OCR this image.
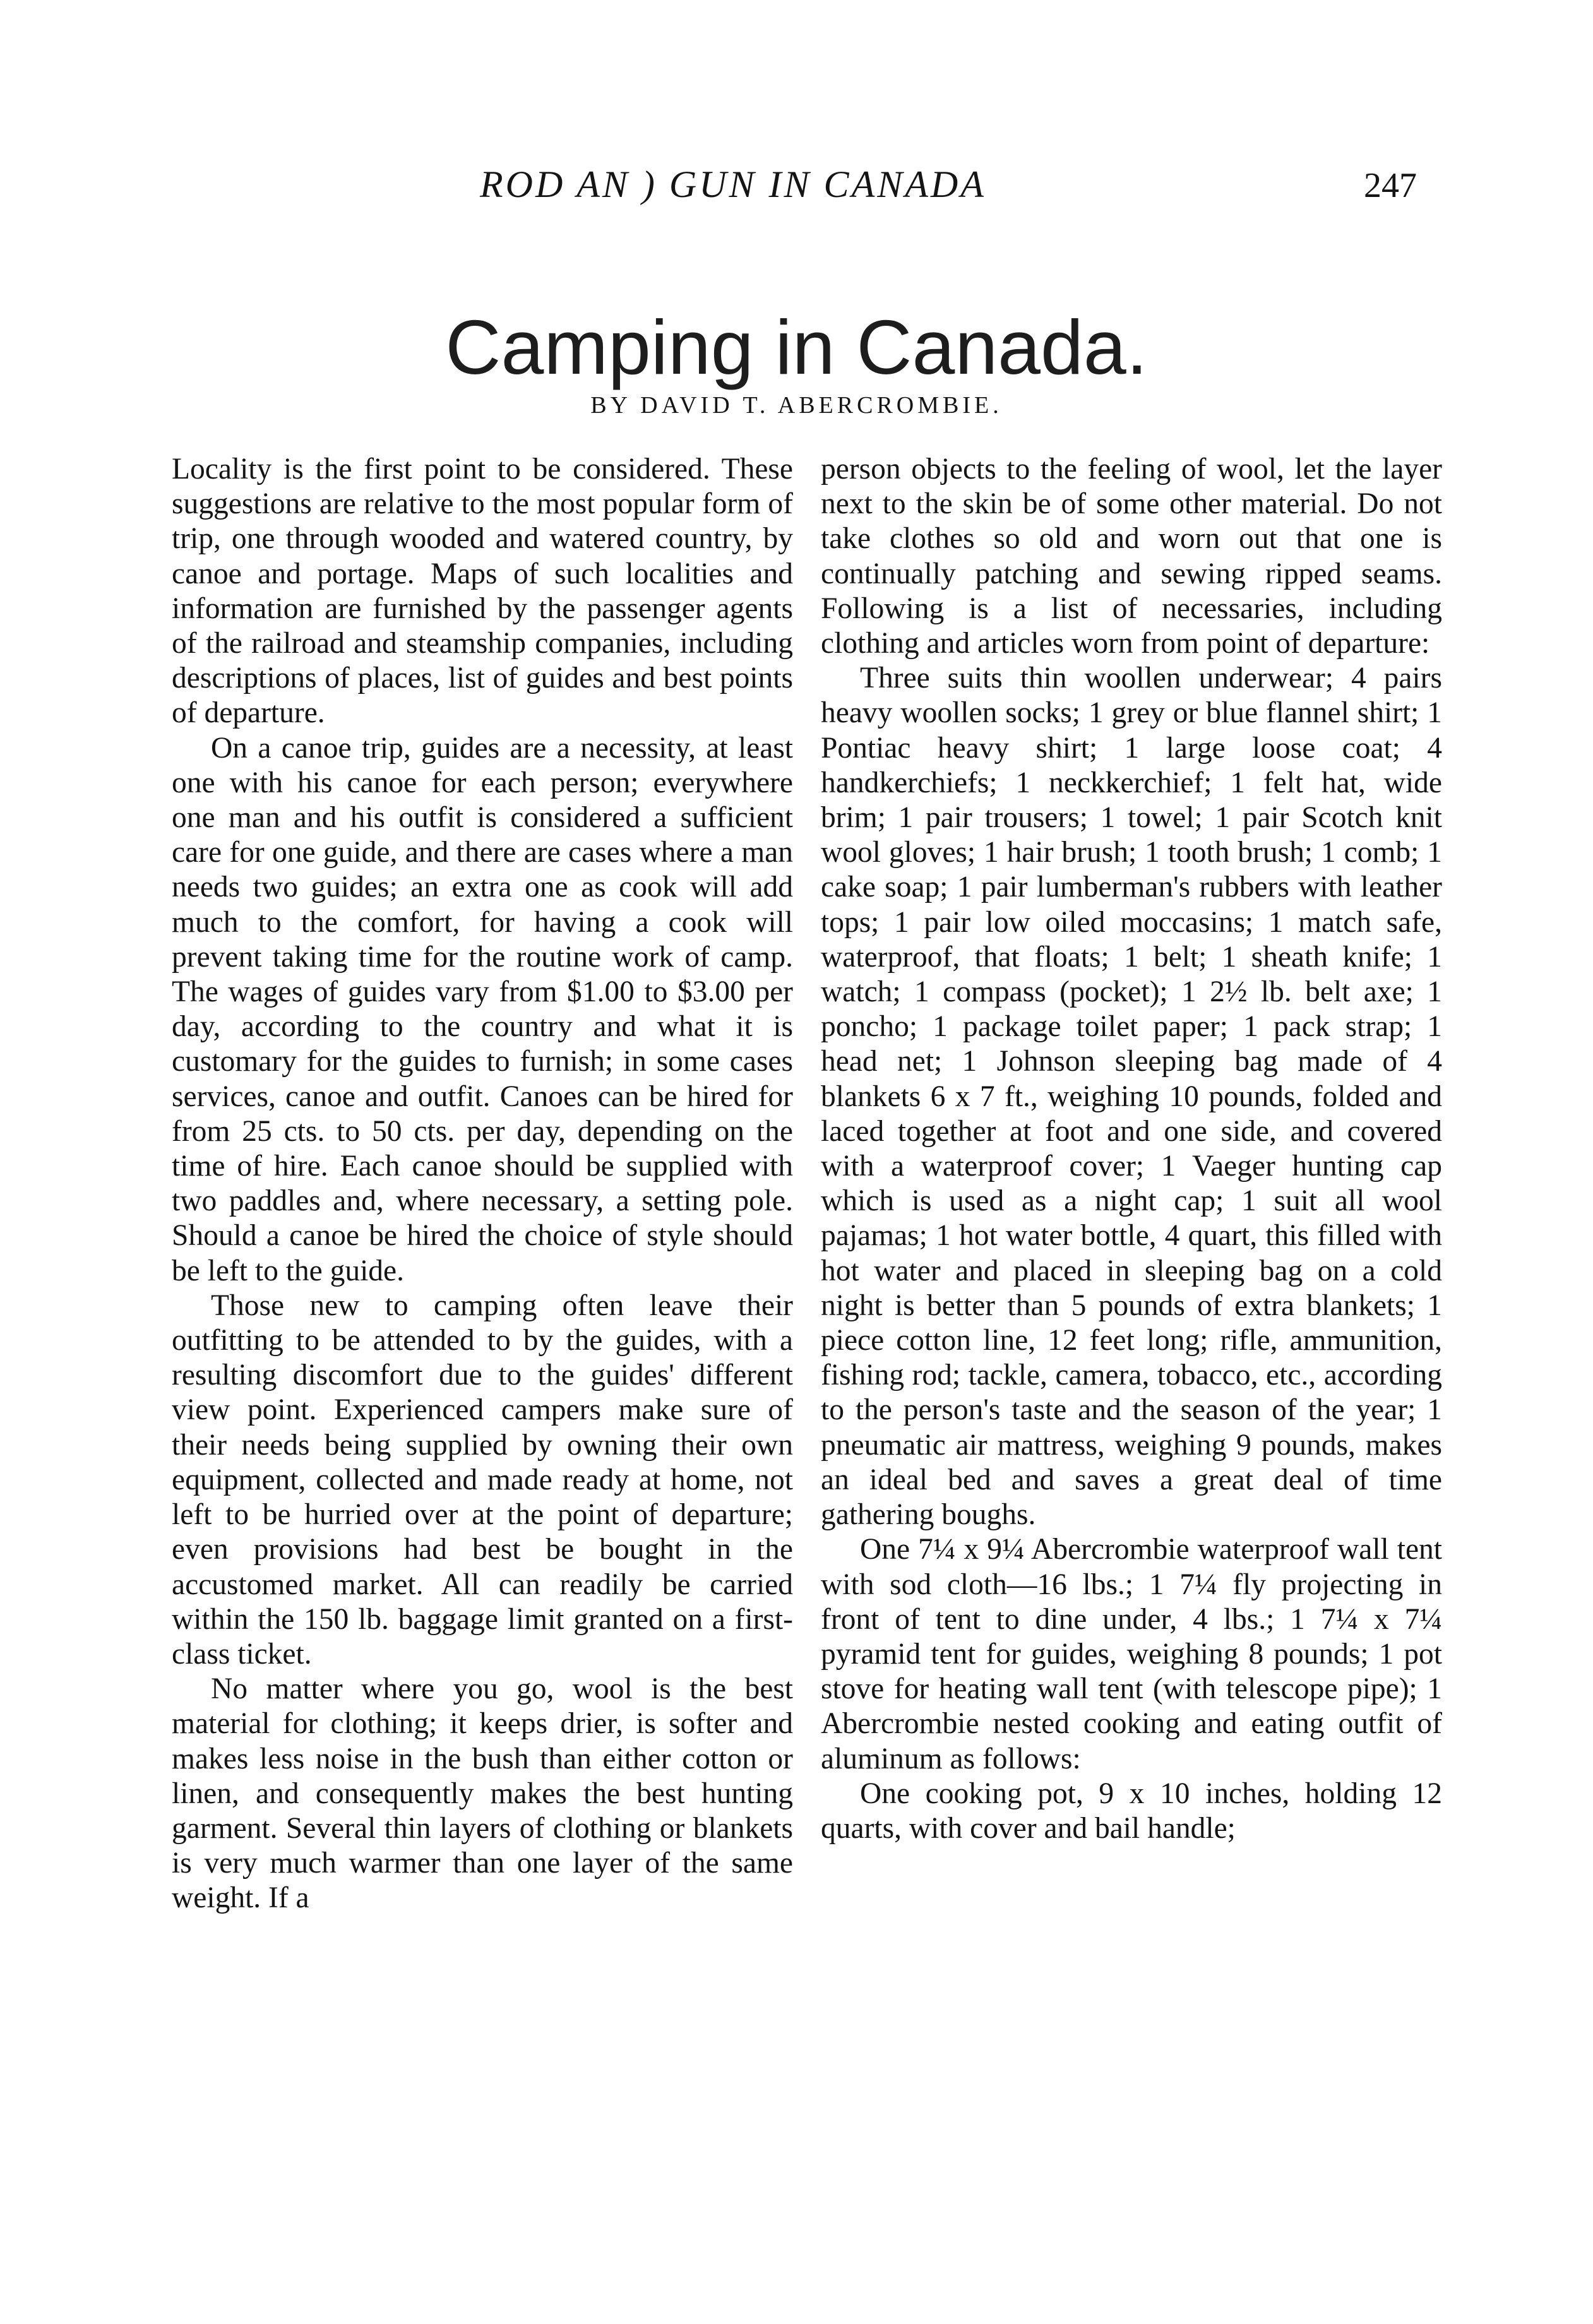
ROD AN ) GUN IN CANADA	247
Camping in Canada.
BY DAVID T. ABERCROMBIE.

Locality is the first point to be considered. These suggestions are relative to the most popular form of trip, one through wooded and watered country, by canoe and portage. Maps of such localities and information are furnished by the passenger agents of the railroad and steamship companies, including descriptions of places, list of guides and best points of departure.

On a canoe trip, guides are a necessity, at least one with his canoe for each person; everywhere one man and his outfit is considered a sufficient care for one guide, and there are cases where a man needs two guides; an extra one as cook will add much to the comfort, for having a cook will prevent taking time for the routine work of camp. The wages of guides vary from $1.00 to $3.00 per day, according to the country and what it is customary for the guides to furnish; in some cases services, canoe and outfit. Canoes can be hired for from 25 cts. to 50 cts. per day, depending on the time of hire. Each canoe should be supplied with two paddles and, where necessary, a setting pole. Should a canoe be hired the choice of style should be left to the guide.

Those new to camping often leave their outfitting to be attended to by the guides, with a resulting discomfort due to the guides' different view point. Experienced campers make sure of their needs being supplied by owning their own equipment, collected and made ready at home, not left to be hurried over at the point of departure; even provisions had best be bought in the accustomed market. All can readily be carried within the 150 lb. baggage limit granted on a first-class ticket.

No matter where you go, wool is the best material for clothing; it keeps drier, is softer and makes less noise in the bush than either cotton or linen, and consequently makes the best hunting garment. Several thin layers of clothing or blankets is very much warmer than one layer of the same weight. If a

person objects to the feeling of wool, let the layer next to the skin be of some other material. Do not take clothes so old and worn out that one is continually patching and sewing ripped seams. Following is a list of necessaries, including clothing and articles worn from point of departure:

Three suits thin woollen underwear; 4 pairs heavy woollen socks; 1 grey or blue flannel shirt; 1 Pontiac heavy shirt; 1 large loose coat; 4 handkerchiefs; 1 neckkerchief; 1 felt hat, wide brim; 1 pair trousers; 1 towel; 1 pair Scotch knit wool gloves; 1 hair brush; 1 tooth brush; 1 comb; 1 cake soap; 1 pair lumberman's rubbers with leather tops; 1 pair low oiled moccasins; 1 match safe, waterproof, that floats; 1 belt; 1 sheath knife; 1 watch; 1 compass (pocket); 1 2½ lb. belt axe; 1 poncho; 1 package toilet paper; 1 pack strap; 1 head net; 1 Johnson sleeping bag made of 4 blankets 6 x 7 ft., weighing 10 pounds, folded and laced together at foot and one side, and covered with a waterproof cover; 1 Vaeger hunting cap which is used as a night cap; 1 suit all wool pajamas; 1 hot water bottle, 4 quart, this filled with hot water and placed in sleeping bag on a cold night is better than 5 pounds of extra blankets; 1 piece cotton line, 12 feet long; rifle, ammunition, fishing rod; tackle, camera, tobacco, etc., according to the person's taste and the season of the year; 1 pneumatic air mattress, weighing 9 pounds, makes an ideal bed and saves a great deal of time gathering boughs.

One 7¼ x 9¼ Abercrombie waterproof wall tent with sod cloth—16 lbs.; 1 7¼ fly projecting in front of tent to dine under, 4 lbs.; 1 7¼ x 7¼ pyramid tent for guides, weighing 8 pounds; 1 pot stove for heating wall tent (with telescope pipe); 1 Abercrombie nested cooking and eating outfit of aluminum as follows:

One cooking pot, 9 x 10 inches, holding 12 quarts, with cover and bail handle;
